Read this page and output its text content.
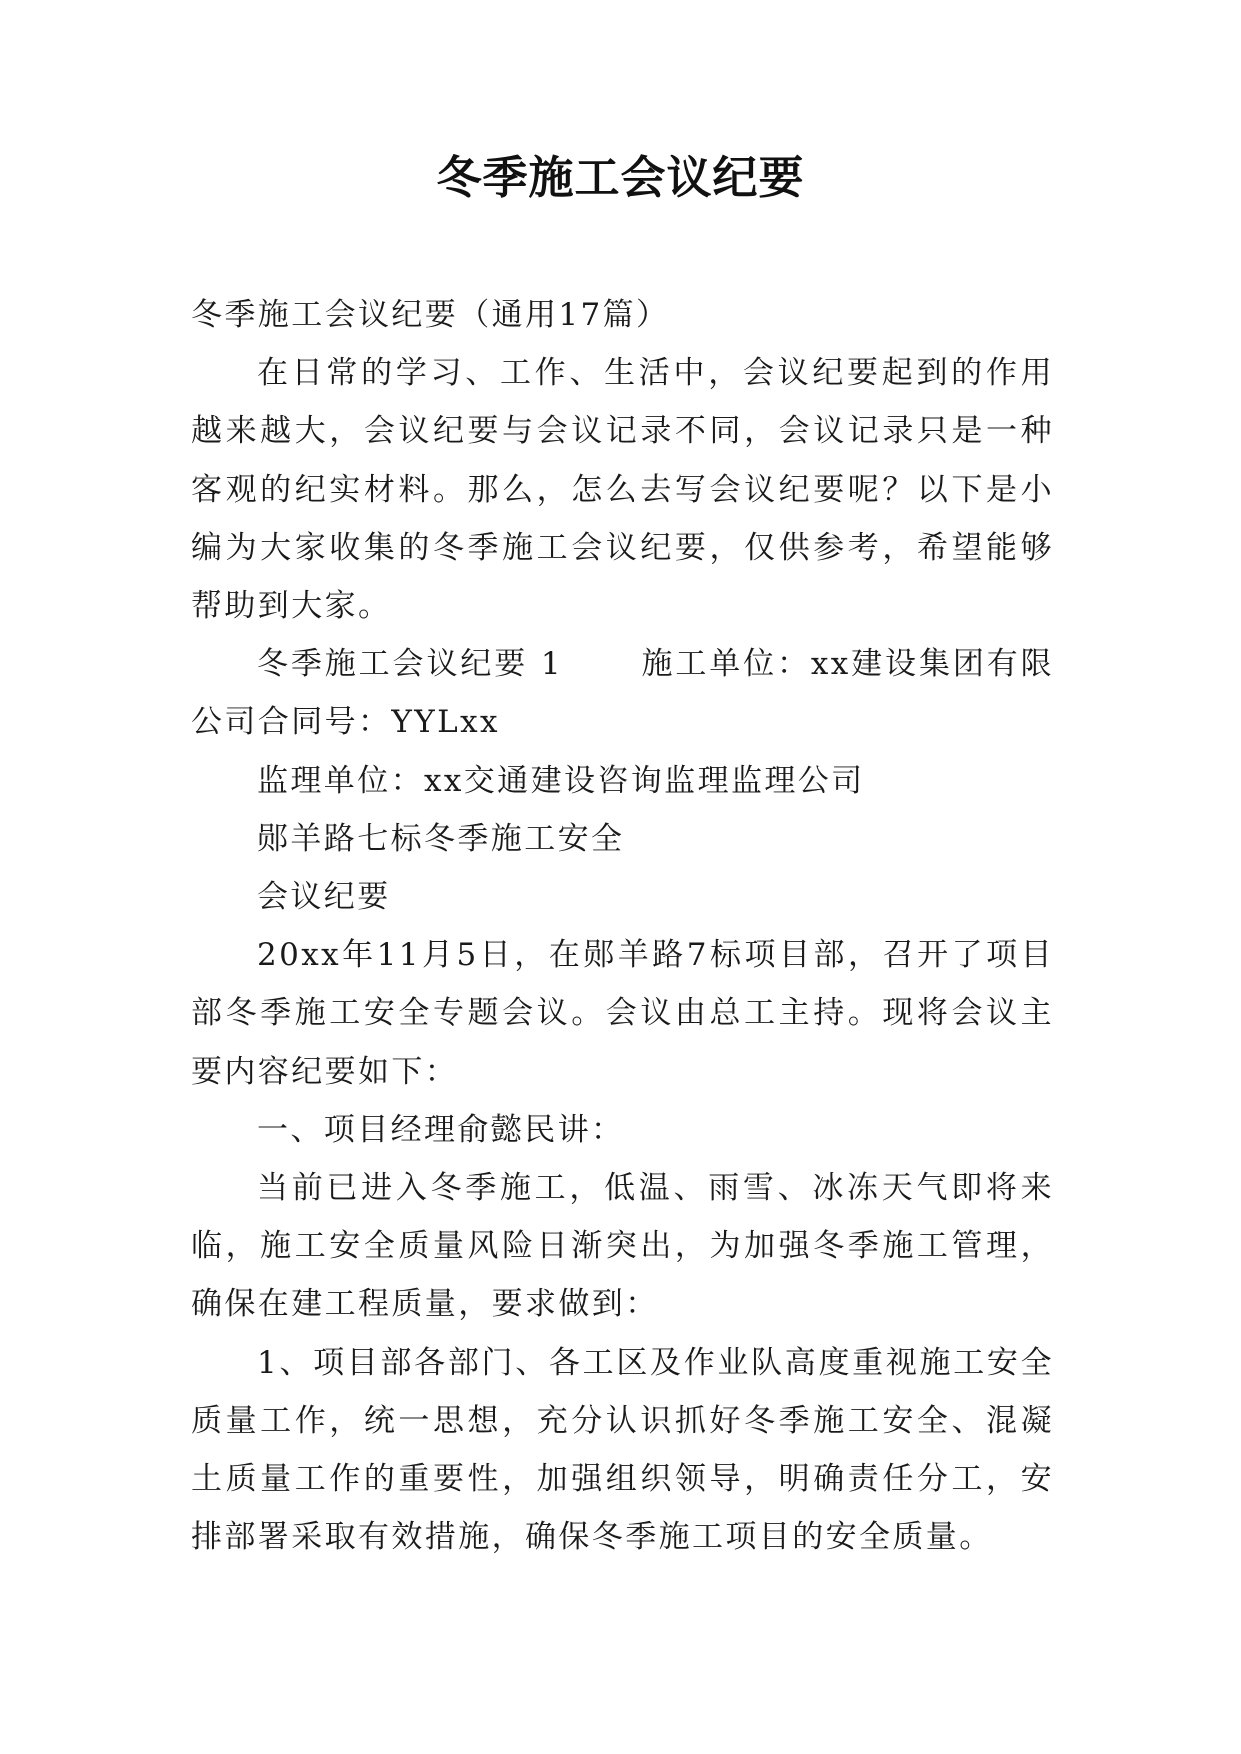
冬季施工会议纪要

冬季施工会议纪要（通用17篇）

在日常的学习、工作、生活中，会议纪要起到的作用越来越大，会议纪要与会议记录不同，会议记录只是一种客观的纪实材料。那么，怎么去写会议纪要呢？以下是小编为大家收集的冬季施工会议纪要，仅供参考，希望能够帮助到大家。

冬季施工会议纪要 1	施工单位：xx建设集团有限公司合同号：YYLxx

监理单位：xx交通建设咨询监理监理公司

郧羊路七标冬季施工安全

会议纪要

20xx年11月5日，在郧羊路7标项目部，召开了项目部冬季施工安全专题会议。会议由总工主持。现将会议主要内容纪要如下：

一、项目经理俞懿民讲：

当前已进入冬季施工，低温、雨雪、冰冻天气即将来临，施工安全质量风险日渐突出，为加强冬季施工管理，确保在建工程质量，要求做到：

1、项目部各部门、各工区及作业队高度重视施工安全质量工作，统一思想，充分认识抓好冬季施工安全、混凝土质量工作的重要性，加强组织领导，明确责任分工，安排部署采取有效措施，确保冬季施工项目的安全质量。
